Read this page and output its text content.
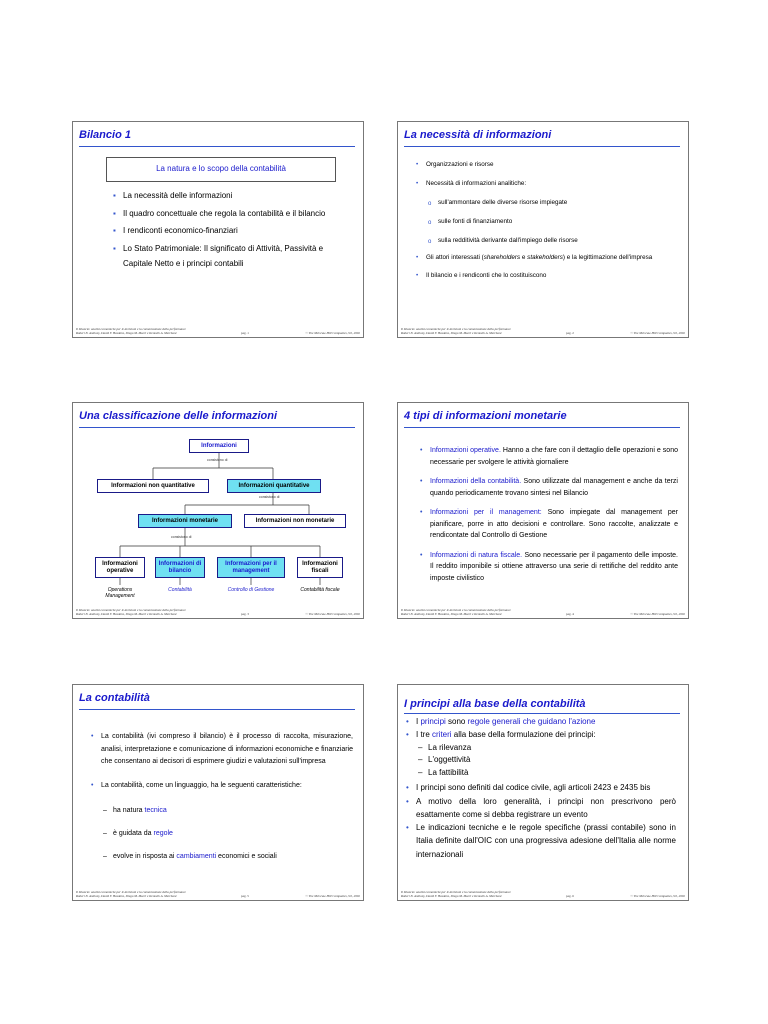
Bilancio 1
La natura e lo scopo della contabilità
▪ La necessità delle informazioni
▪ Il quadro concettuale che regola la contabilità e il bilancio
▪ I rendiconti economico-finanziari
▪ Lo Stato Patrimoniale: Il significato di Attività, Passività e Capitale Netto e i principi contabili
Il bilancio: analisi economiche per le decisioni e la comunicazione della performance
Robert N. Anthony, David F. Hawkins, Diego M. Macrì e Kenneth A. Merchant	pag. 1	© The McGraw-Hill Companies, Srl, 2002
La necessità di informazioni
• Organizzazioni e risorse
• Necessità di informazioni analitiche:
o sull'ammontare delle diverse risorse impiegate
o sulle fonti di finanziamento
o sulla redditività derivante dall'impiego delle risorse
• Gli attori interessati (shareholders e stakeholders) e la legittimazione dell'impresa
• Il bilancio e i rendiconti che lo costituiscono
Il bilancio: analisi economiche per le decisioni e la comunicazione della performance
Robert N. Anthony, David F. Hawkins, Diego M. Macrì e Kenneth A. Merchant	pag. 2	© The McGraw-Hill Companies, Srl, 2002
Una classificazione delle informazioni
Informazioni
consistono di
Informazioni non quantitative	Informazioni quantitative
consistono di
Informazioni monetarie	Informazioni non monetarie
consistono di
Informazioni operative
Informazioni di bilancio
Informazioni per il management
Informazioni fiscali
Operations Management
Contabilità	Controllo di Gestione	Contabilità fiscale
Il bilancio: analisi economiche per le decisioni e la comunicazione della performance
Robert N. Anthony, David F. Hawkins, Diego M. Macrì e Kenneth A. Merchant	pag. 3	© The McGraw-Hill Companies, Srl, 2002
4 tipi di informazioni monetarie
• Informazioni operative. Hanno a che fare con il dettaglio delle operazioni e sono necessarie per svolgere le attività giornaliere
• Informazioni della contabilità. Sono utilizzate dal management e anche da terzi quando periodicamente trovano sintesi nel Bilancio
• Informazioni per il management: Sono impiegate dal management per pianificare, porre in atto decisioni e controllare. Sono raccolte, analizzate e rendicontate dal Controllo di Gestione
• Informazioni di natura fiscale. Sono necessarie per il pagamento delle imposte. Il reddito imponibile si ottiene attraverso una serie di rettifiche del reddito ante imposte civilistico
Il bilancio: analisi economiche per le decisioni e la comunicazione della performance
Robert N. Anthony, David F. Hawkins, Diego M. Macrì e Kenneth A. Merchant	pag. 4	© The McGraw-Hill Companies, Srl, 2002
La contabilità
• La contabilità (ivi compreso il bilancio) è il processo di raccolta, misurazione, analisi, interpretazione e comunicazione di informazioni economiche e finanziarie che consentano ai decisori di esprimere giudizi e valutazioni sull'impresa
• La contabilità, come un linguaggio, ha le seguenti caratteristiche:
– ha natura tecnica
– è guidata da regole
– evolve in risposta ai cambiamenti economici e sociali
Il bilancio: analisi economiche per le decisioni e la comunicazione della performance
Robert N. Anthony, David F. Hawkins, Diego M. Macrì e Kenneth A. Merchant	pag. 5	© The McGraw-Hill Companies, Srl, 2002
I principi alla base della contabilità
• I principi sono regole generali che guidano l'azione
• I tre criteri alla base della formulazione dei principi:
– La rilevanza
– L'oggettività
– La fattibilità
• I principi sono definiti dal codice civile, agli articoli 2423 e 2435 bis
• A motivo della loro generalità, i principi non prescrivono però esattamente come si debba registrare un evento
• Le indicazioni tecniche e le regole specifiche (prassi contabile) sono in Italia definite dall'OIC con una progressiva adesione dell'Italia alle norme internazionali
Il bilancio: analisi economiche per le decisioni e la comunicazione della performance
Robert N. Anthony, David F. Hawkins, Diego M. Macrì e Kenneth A. Merchant	pag. 6	© The McGraw-Hill Companies, Srl, 2002
